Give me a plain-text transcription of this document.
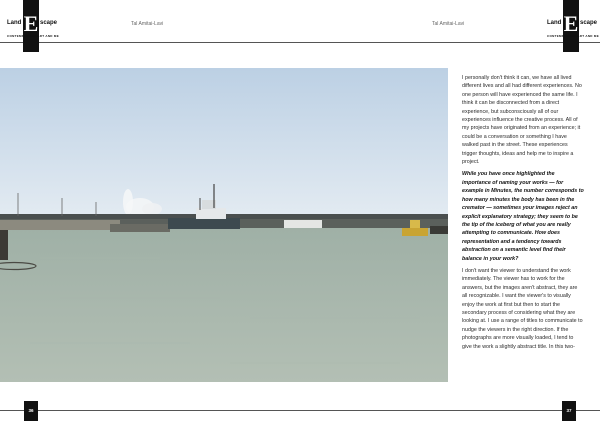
Land E scape
CONTEMPORARY ART AND ME
Tal Amitai-Lavi	Tal Amitai-Lavi	Land E scape
CONTEMPORARY ART AND ME

I personally don't think it can, we have all lived different lives and all had different experiences. No one person will have experienced the same life. I think it can be disconnected from a direct experience, but subconsciously all of our experiences influence the creative process. All of my projects have originated from an experience; it could be a conversation or something I have walked past in the street. These experiences trigger thoughts, ideas and help me to inspire a project.

While you have once highlighted the importance of naming your works — for example in Minutes, the number corresponds to how many minutes the body has been in the cremator — sometimes your images reject an explicit explanatory strategy; they seem to be the tip of the iceberg of what you are really attempting to communicate. How does representation and a tendency towards abstraction on a semantic level find their balance in your work?

I don't want the viewer to understand the work immediately. The viewer has to work for the answers, but the images aren't abstract, they are all recognizable. I want the viewer's to visually enjoy the work at first but then to start the secondary process of considering what they are looking at. I use a range of titles to communicate to nudge the viewers in the right direction. If the photographs are more visually loaded, I tend to give the work a slightly abstract title. In this two-

36	37
